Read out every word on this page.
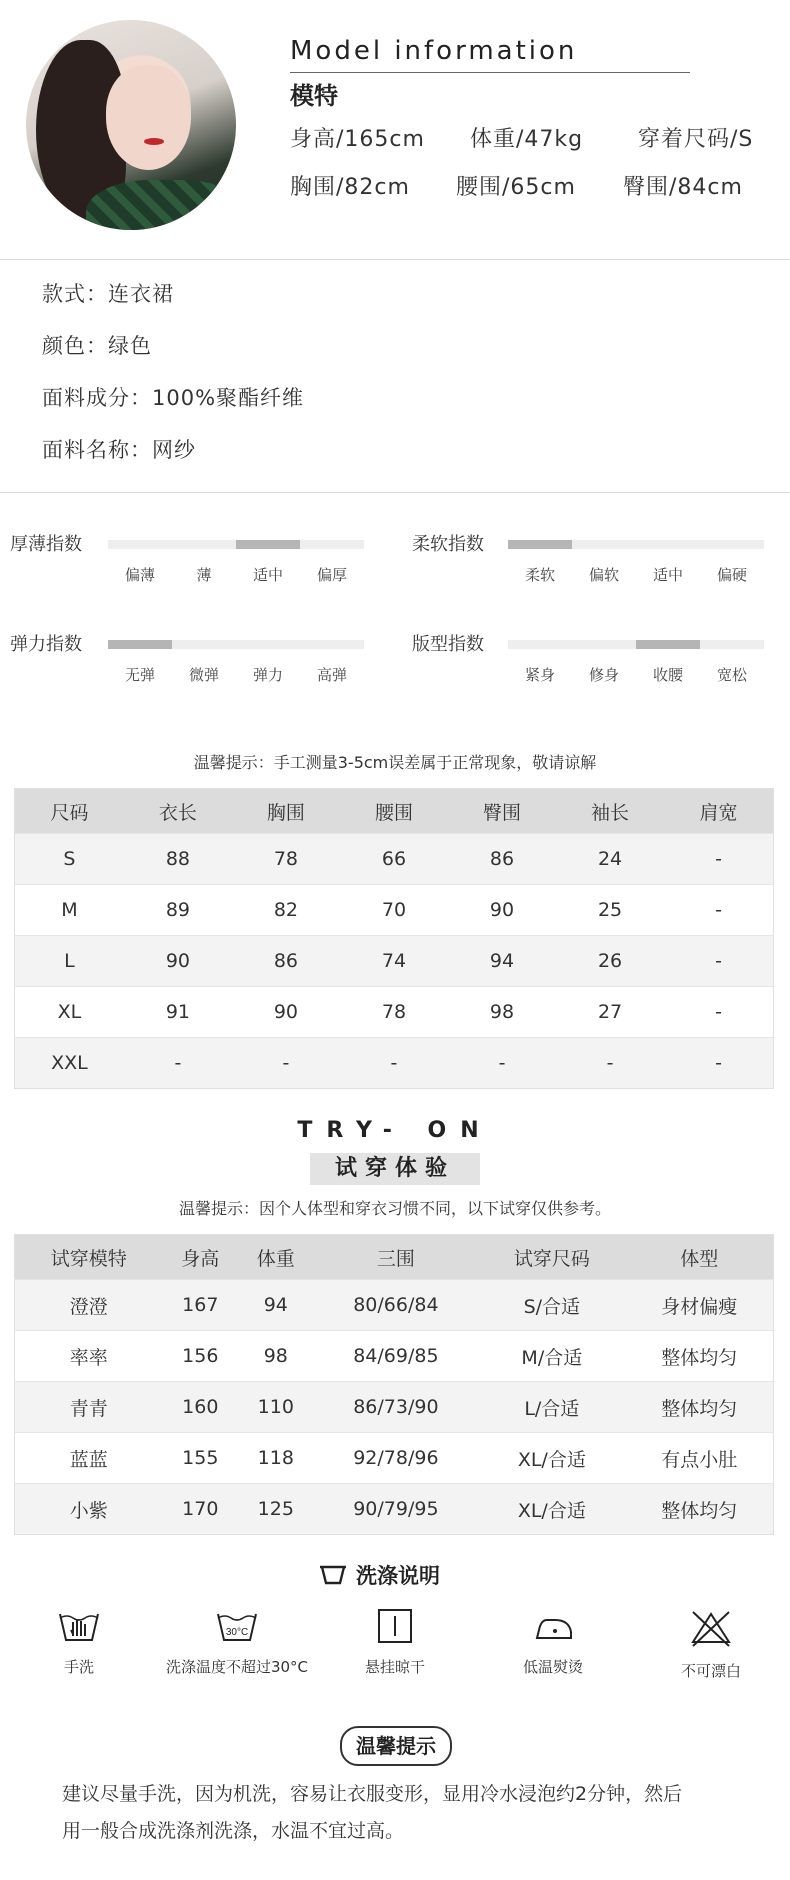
Model information
模特
身高/165cm 体重/47kg 穿着尺码/S
胸围/82cm 腰围/65cm 臀围/84cm
款式：连衣裙
颜色：绿色
面料成分：100%聚酯纤维
面料名称：网纱
厚薄指数
偏薄	薄	适中	偏厚
柔软指数
柔软	偏软	适中	偏硬
弹力指数
无弹	微弹	弹力	高弹
版型指数
紧身	修身	收腰	宽松
温馨提示：手工测量3-5cm误差属于正常现象，敬请谅解
尺码	衣长	胸围	腰围	臀围	袖长	肩宽
S	88	78	66	86	24	-
M	89	82	70	90	25	-
L	90	86	74	94	26	-
XL	91	90	78	98	27	-
XXL	-	-	-	-	-	-
TRY- ON
试穿体验
温馨提示：因个人体型和穿衣习惯不同，以下试穿仅供参考。
试穿模特	身高	体重	三围	试穿尺码	体型
澄澄	167	94	80/66/84	S/合适	身材偏瘦
率率	156	98	84/69/85	M/合适	整体均匀
青青	160	110	86/73/90	L/合适	整体均匀
蓝蓝	155	118	92/78/96	XL/合适	有点小肚
小紫	170	125	90/79/95	XL/合适	整体均匀
洗涤说明
手洗
30°C
洗涤温度不超过30°C	悬挂晾干	低温熨烫	不可漂白
温馨提示
建议尽量手洗，因为机洗，容易让衣服变形，显用冷水浸泡约2分钟，然后
用一般合成洗涤剂洗涤，水温不宜过高。
